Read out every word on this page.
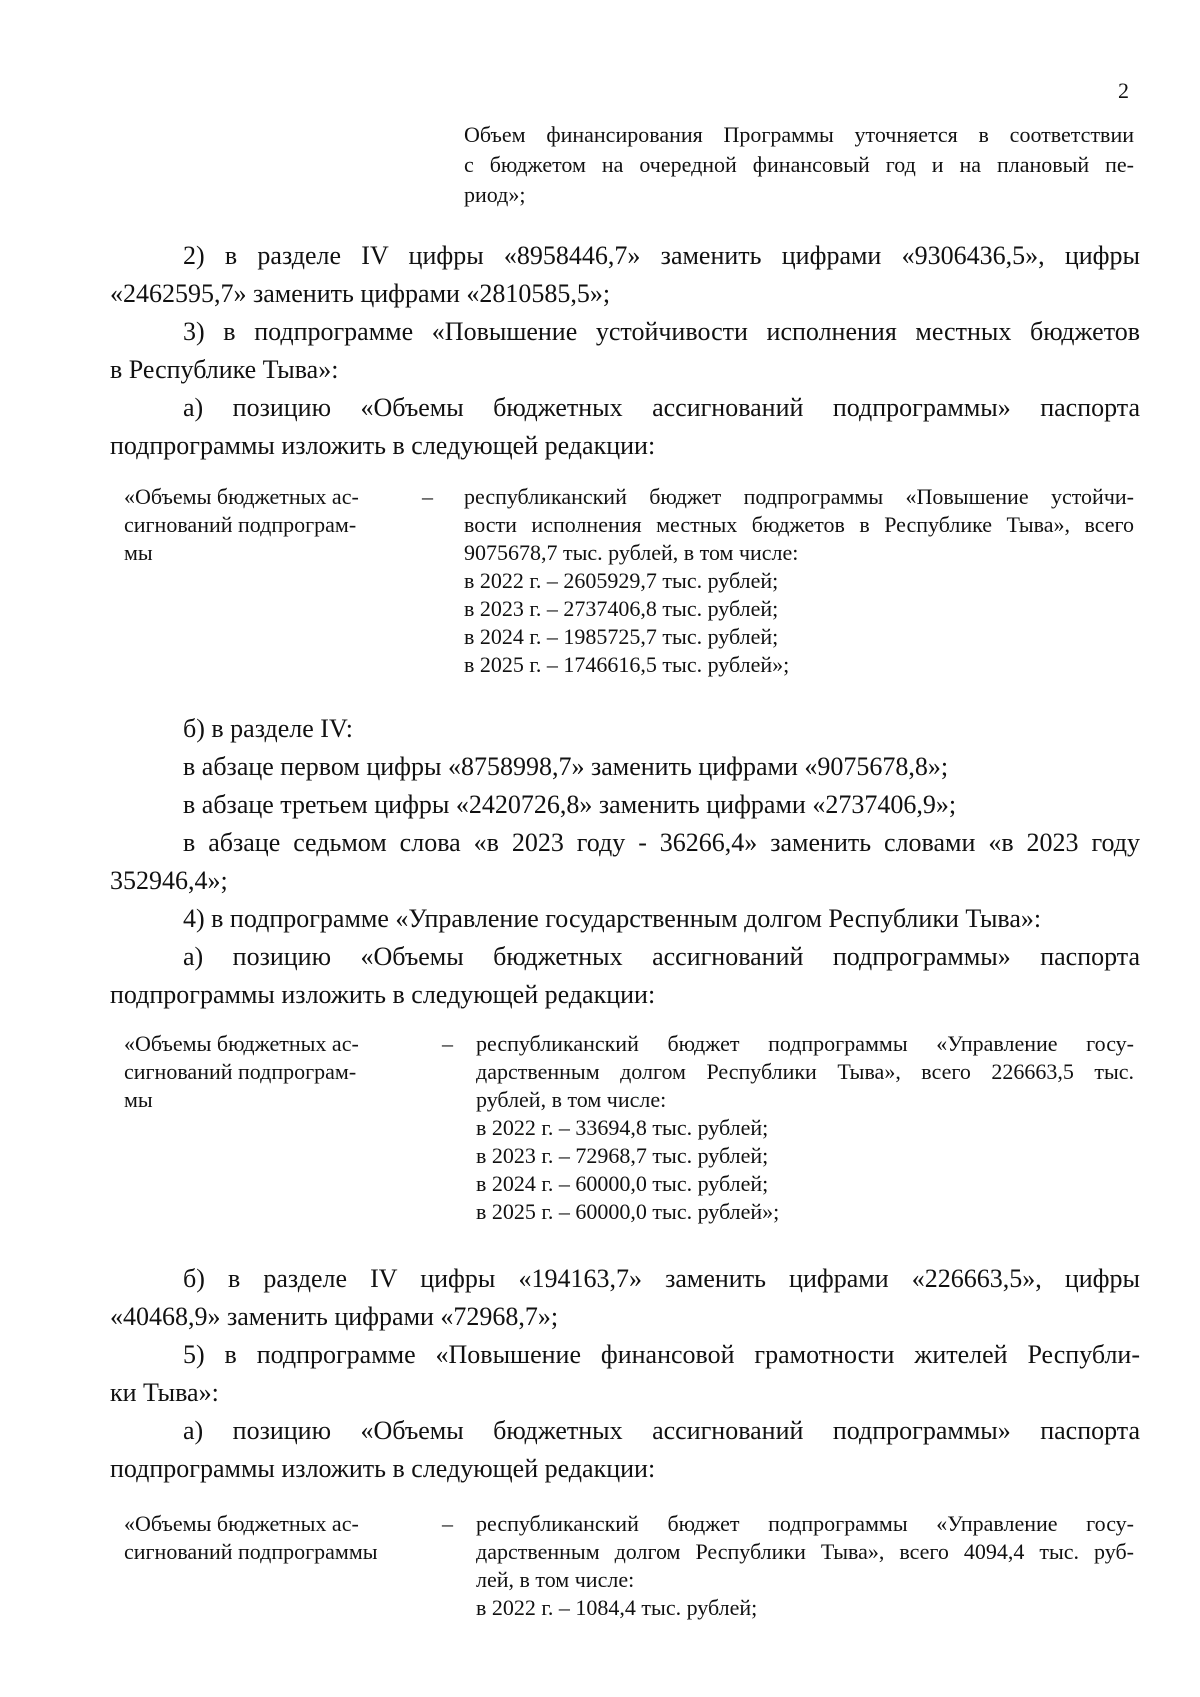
2
Объем финансирования Программы уточняется в соответствии
с бюджетом на очередной финансовый год и на плановый пе-
риод»;
2) в разделе IV цифры «8958446,7» заменить цифрами «9306436,5», цифры
«2462595,7» заменить цифрами «2810585,5»;
3) в подпрограмме «Повышение устойчивости исполнения местных бюджетов
в Республике Тыва»:
а) позицию «Объемы бюджетных ассигнований подпрограммы» паспорта
подпрограммы изложить в следующей редакции:
«Объемы бюджетных ас-
сигнований подпрограм-
мы
– республиканский бюджет подпрограммы «Повышение устойчи-
вости исполнения местных бюджетов в Республике Тыва», всего
9075678,7 тыс. рублей, в том числе:
в 2022 г. – 2605929,7 тыс. рублей;
в 2023 г. – 2737406,8 тыс. рублей;
в 2024 г. – 1985725,7 тыс. рублей;
в 2025 г. – 1746616,5 тыс. рублей»;
б) в разделе IV:
в абзаце первом цифры «8758998,7» заменить цифрами «9075678,8»;
в абзаце третьем цифры «2420726,8» заменить цифрами «2737406,9»;
в абзаце седьмом слова «в 2023 году - 36266,4» заменить словами «в 2023 году
352946,4»;
4) в подпрограмме «Управление государственным долгом Республики Тыва»:
а) позицию «Объемы бюджетных ассигнований подпрограммы» паспорта
подпрограммы изложить в следующей редакции:
«Объемы бюджетных ас-
сигнований подпрограм-
мы
– республиканский бюджет подпрограммы «Управление госу-
дарственным долгом Республики Тыва», всего 226663,5 тыс.
рублей, в том числе:
в 2022 г. – 33694,8 тыс. рублей;
в 2023 г. – 72968,7 тыс. рублей;
в 2024 г. – 60000,0 тыс. рублей;
в 2025 г. – 60000,0 тыс. рублей»;
б) в разделе IV цифры «194163,7» заменить цифрами «226663,5», цифры
«40468,9» заменить цифрами «72968,7»;
5) в подпрограмме «Повышение финансовой грамотности жителей Республи-
ки Тыва»:
а) позицию «Объемы бюджетных ассигнований подпрограммы» паспорта
подпрограммы изложить в следующей редакции:
«Объемы бюджетных ас-
сигнований подпрограммы
– республиканский бюджет подпрограммы «Управление госу-
дарственным долгом Республики Тыва», всего 4094,4 тыс. руб-
лей, в том числе:
в 2022 г. – 1084,4 тыс. рублей;
